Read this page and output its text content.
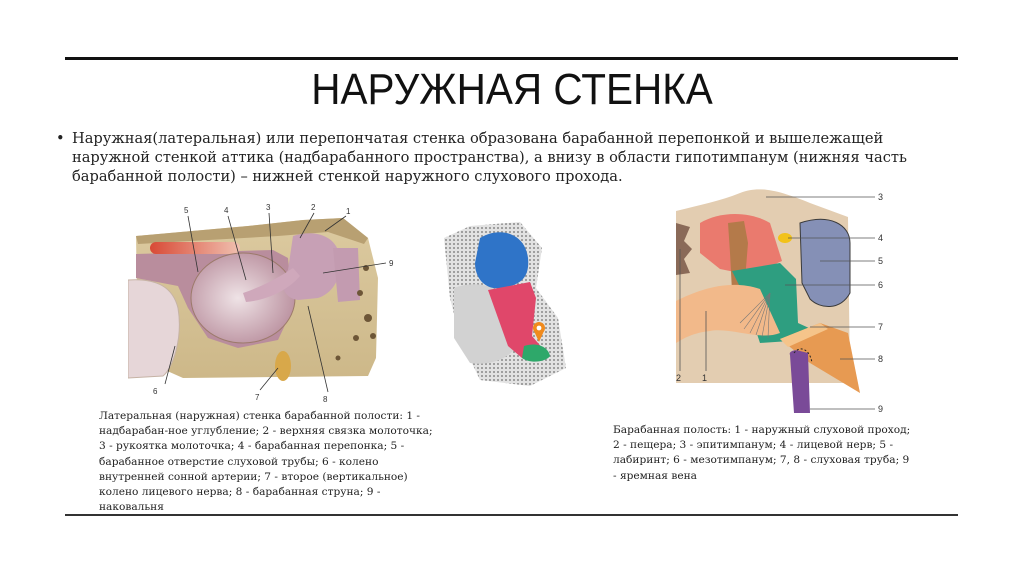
НАРУЖНАЯ СТЕНКА
• Наружная(латеральная) или перепончатая стенка образована барабанной перепонкой и вышележащей наружной стенкой аттика (надбарабанного пространства), а внизу в области гипотимпанум (нижняя часть барабанной полости) – нижней стенкой наружного слухового прохода.
5	4	3	2	1
9
6
7	8
3
4
5
6
7
8
9
2 1
Латеральная (наружная) стенка барабанной полости: 1 - надбарабан-ное углубление; 2 - верхняя связка молоточка; 3 - рукоятка молоточка; 4 - барабанная перепонка; 5 - барабанное отверстие слуховой трубы; 6 - колено внутренней сонной артерии; 7 - второе (вертикальное) колено лицевого нерва; 8 - барабанная струна; 9 - наковальня
Барабанная полость: 1 - наружный слуховой проход; 2 - пещера; 3 - эпитимпанум; 4 - лицевой нерв; 5 - лабиринт; 6 - мезотимпанум; 7, 8 - слуховая труба; 9 - яремная вена
